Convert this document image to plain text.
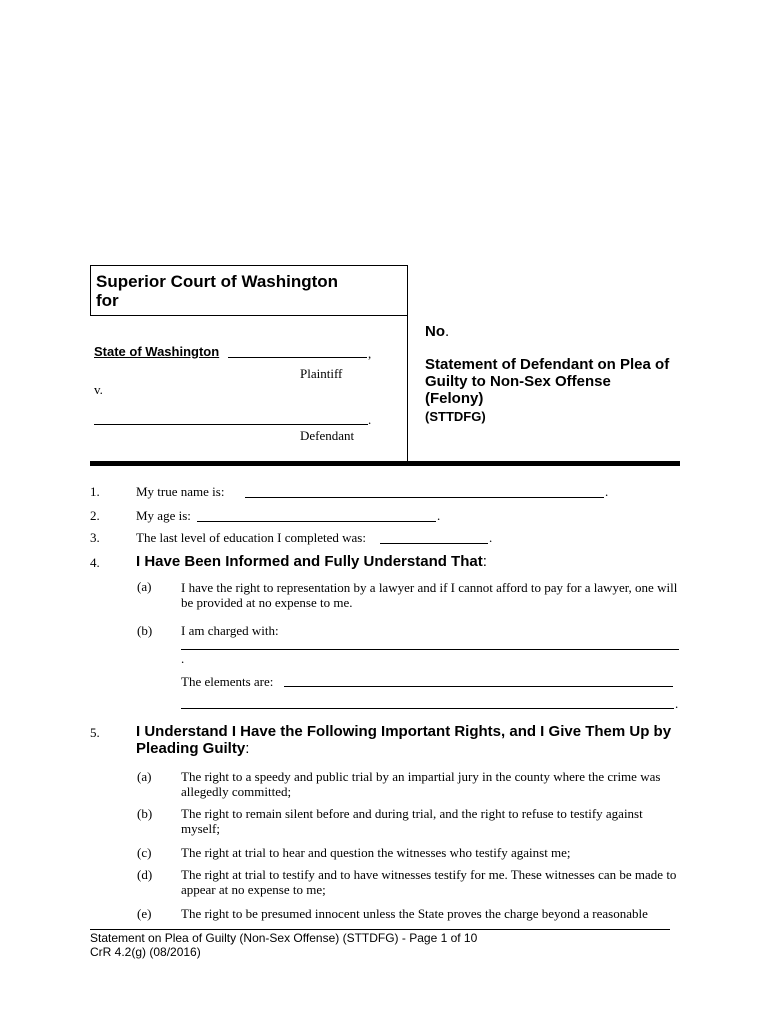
Superior Court of Washington
for
State of Washington	,
Plaintiff
v.
.
Defendant
No.
Statement of Defendant on Plea of
Guilty to Non-Sex Offense
(Felony)
(STTDFG)
1.	My true name is:	.
2.	My age is:	.
3.	The last level of education I completed was:	.
4. I Have Been Informed and Fully Understand That:
(a) I have the right to representation by a lawyer and if I cannot afford to pay for a lawyer, one will be provided at no expense to me.
(b) I am charged with:
.
The elements are:
.
5. I Understand I Have the Following Important Rights, and I Give Them Up by Pleading Guilty:
(a) The right to a speedy and public trial by an impartial jury in the county where the crime was allegedly committed;
(b) The right to remain silent before and during trial, and the right to refuse to testify against myself;
(c) The right at trial to hear and question the witnesses who testify against me;
(d) The right at trial to testify and to have witnesses testify for me. These witnesses can be made to appear at no expense to me;
(e) The right to be presumed innocent unless the State proves the charge beyond a reasonable
Statement on Plea of Guilty (Non-Sex Offense) (STTDFG) - Page 1 of 10
CrR 4.2(g) (08/2016)
